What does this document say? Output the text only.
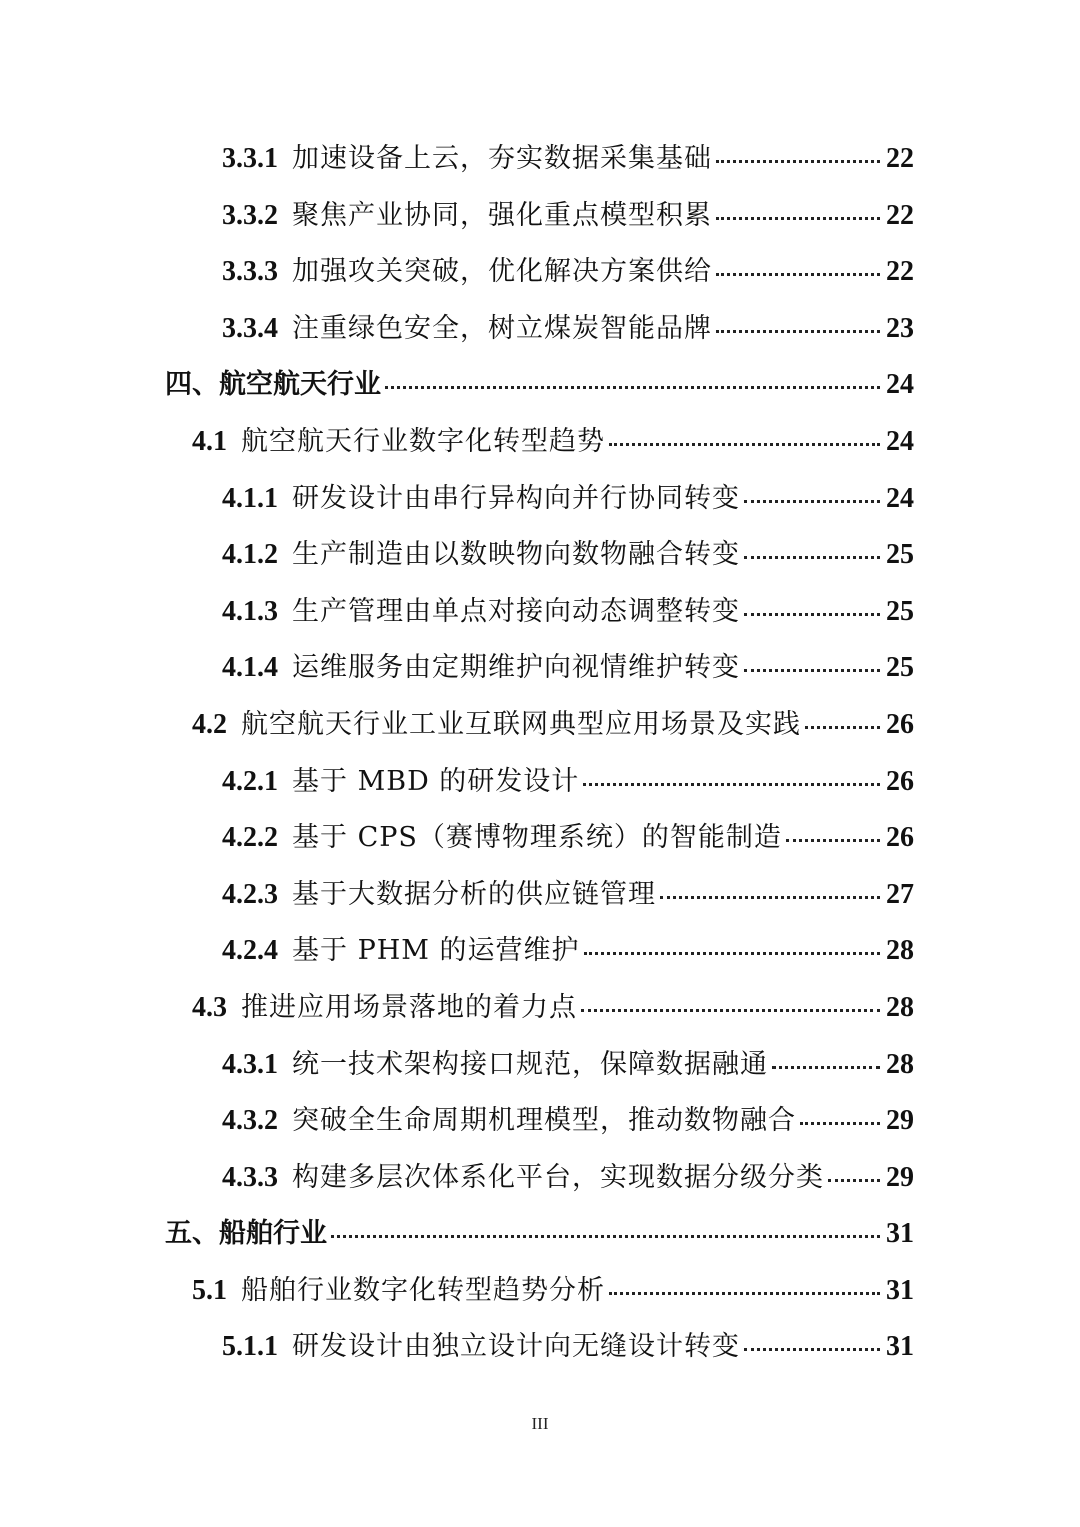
3.3.1 加速设备上云，夯实数据采集基础	22
3.3.2 聚焦产业协同，强化重点模型积累	22
3.3.3 加强攻关突破，优化解决方案供给	22
3.3.4 注重绿色安全，树立煤炭智能品牌	23
四、航空航天行业	24
4.1 航空航天行业数字化转型趋势	24
4.1.1 研发设计由串行异构向并行协同转变	24
4.1.2 生产制造由以数映物向数物融合转变	25
4.1.3 生产管理由单点对接向动态调整转变	25
4.1.4 运维服务由定期维护向视情维护转变	25
4.2 航空航天行业工业互联网典型应用场景及实践	26
4.2.1 基于 MBD 的研发设计	26
4.2.2 基于 CPS（赛博物理系统）的智能制造	26
4.2.3 基于大数据分析的供应链管理	27
4.2.4 基于 PHM 的运营维护	28
4.3 推进应用场景落地的着力点	28
4.3.1 统一技术架构接口规范，保障数据融通	28
4.3.2 突破全生命周期机理模型，推动数物融合	29
4.3.3 构建多层次体系化平台，实现数据分级分类 29
五、船舶行业	31
5.1 船舶行业数字化转型趋势分析	31
5.1.1 研发设计由独立设计向无缝设计转变	31
III
